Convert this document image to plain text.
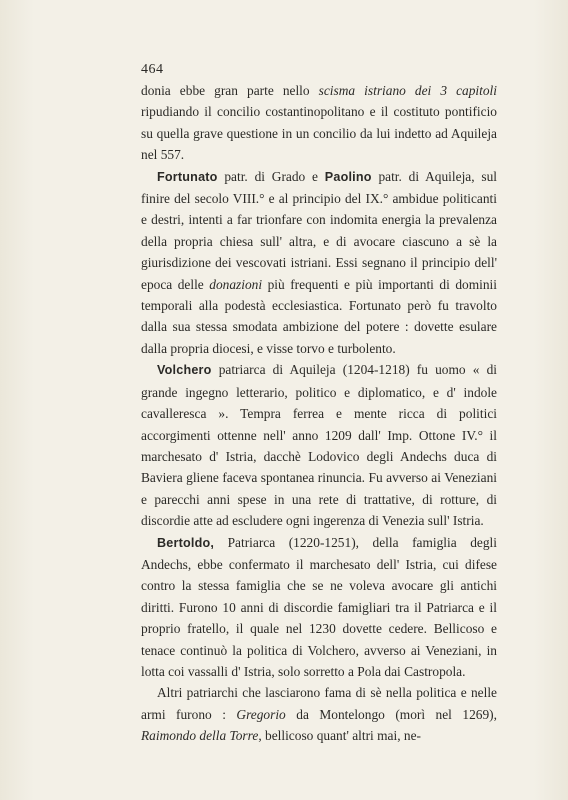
464

donia ebbe gran parte nello scisma istriano dei 3 capitoli ripudiando il concilio costantinopolitano e il costituto pontificio su quella grave questione in un concilio da lui indetto ad Aquileja nel 557.

Fortunato patr. di Grado e Paolino patr. di Aquileja, sul finire del secolo VIII.° e al principio del IX.° ambidue politicanti e destri, intenti a far trionfare con indomita energia la prevalenza della propria chiesa sull' altra, e di avocare ciascuno a sè la giurisdizione dei vescovati istriani. Essi segnano il principio dell' epoca delle donazioni più frequenti e più importanti di dominii temporali alla podestà ecclesiastica. Fortunato però fu travolto dalla sua stessa smodata ambizione del potere : dovette esulare dalla propria diocesi, e visse torvo e turbolento.

Volchero patriarca di Aquileja (1204-1218) fu uomo « di grande ingegno letterario, politico e diplomatico, e d' indole cavalleresca ». Tempra ferrea e mente ricca di politici accorgimenti ottenne nell' anno 1209 dall' Imp. Ottone IV.° il marchesato d' Istria, dacchè Lodovico degli Andechs duca di Baviera gliene faceva spontanea rinuncia. Fu avverso ai Veneziani e parecchi anni spese in una rete di trattative, di rotture, di discordie atte ad escludere ogni ingerenza di Venezia sull' Istria.

Bertoldo, Patriarca (1220-1251), della famiglia degli Andechs, ebbe confermato il marchesato dell' Istria, cui difese contro la stessa famiglia che se ne voleva avocare gli antichi diritti. Furono 10 anni di discordie famigliari tra il Patriarca e il proprio fratello, il quale nel 1230 dovette cedere. Bellicoso e tenace continuò la politica di Volchero, avverso ai Veneziani, in lotta coi vassalli d' Istria, solo sorretto a Pola dai Castropola.

Altri patriarchi che lasciarono fama di sè nella politica e nelle armi furono : Gregorio da Montelongo (morì nel 1269), Raimondo della Torre, bellicoso quant' altri mai, ne-
